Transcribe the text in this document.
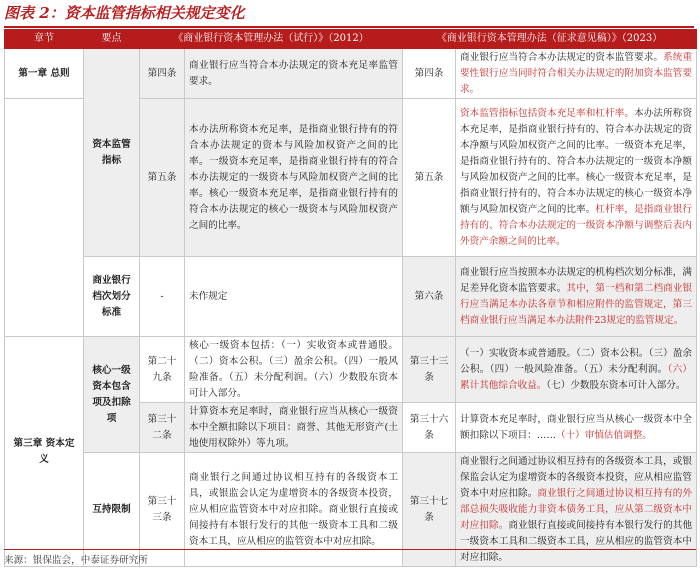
图表 2：资本监管指标相关规定变化
章节	要点	《商业银行资本管理办法（试行）》（2012）		《商业银行资本管理办法（征求意见稿）》（2023）	
第一章 总则	资本监管指标	第四条	商业银行应当符合本办法规定的资本充足率监管要求。	第四条	商业银行应当符合本办法规定的资本监管要求。系统重要性银行应当同时符合相关办法规定的附加资本监管要求。
		第五条	本办法所称资本充足率，是指商业银行持有的符合本办法规定的资本与风险加权资产之间的比率。一级资本充足率，是指商业银行持有的符合本办法规定的一级资本与风险加权资产之间的比率。核心一级资本充足率，是指商业银行持有的符合本办法规定的核心一级资本与风险加权资产之间的比率。	第五条	资本监管指标包括资本充足率和杠杆率。本办法所称资本充足率，是指商业银行持有的、符合本办法规定的资本净额与风险加权资产之间的比率。一级资本充足率，是指商业银行持有的、符合本办法规定的一级资本净额与风险加权资产之间的比率。核心一级资本充足率，是指商业银行持有的、符合本办法规定的核心一级资本净额与风险加权资产之间的比率。杠杆率，是指商业银行持有的、符合本办法规定的一级资本净额与调整后表内外资产余额之间的比率。
	商业银行档次划分标准	-	未作规定	第六条	商业银行应当按照本办法规定的机构档次划分标准，满足差异化资本监管要求。其中，第一档和第二档商业银行应当满足本办法各章节和相应附件的监管规定，第三档商业银行应当满足本办法附件23规定的监管规定。
第三章 资本定义	核心一级资本包含项及扣除项	第二十九条	核心一级资本包括：（一）实收资本或普通股。（二）资本公积。（三）盈余公积。（四）一般风险准备。（五）未分配利润。（六）少数股东资本可计入部分。	第三十三条	（一）实收资本或普通股。（二）资本公积。（三）盈余公积。（四）一般风险准备。（五）未分配利润。（六）累计其他综合收益。（七）少数股东资本可计入部分。
		第三十二条	计算资本充足率时，商业银行应当从核心一级资本中全额扣除以下项目：商誉、其他无形资产(土地使用权除外）等九项。	第三十六条	计算资本充足率时，商业银行应当从核心一级资本中全额扣除以下项目：……（十）审慎估值调整。
	互持限制	第三十三条	商业银行之间通过协议相互持有的各级资本工具，或银监会认定为虚增资本的各级资本投资，应从相应监管资本中对应扣除。商业银行直接或间接持有本银行发行的其他一级资本工具和二级资本工具，应从相应的监管资本中对应扣除。	第三十七条	商业银行之间通过协议相互持有的各级资本工具，或银保监会认定为虚增资本的各级资本投资，应从相应监管资本中对应扣除。商业银行之间通过协议相互持有的外部总损失吸收能力非资本债务工具，应从第二级资本中对应扣除。商业银行直接或间接持有本银行发行的其他一级资本工具和二级资本工具，应从相应的监管资本中对应扣除。
来源：银保监会，中泰证券研究所
